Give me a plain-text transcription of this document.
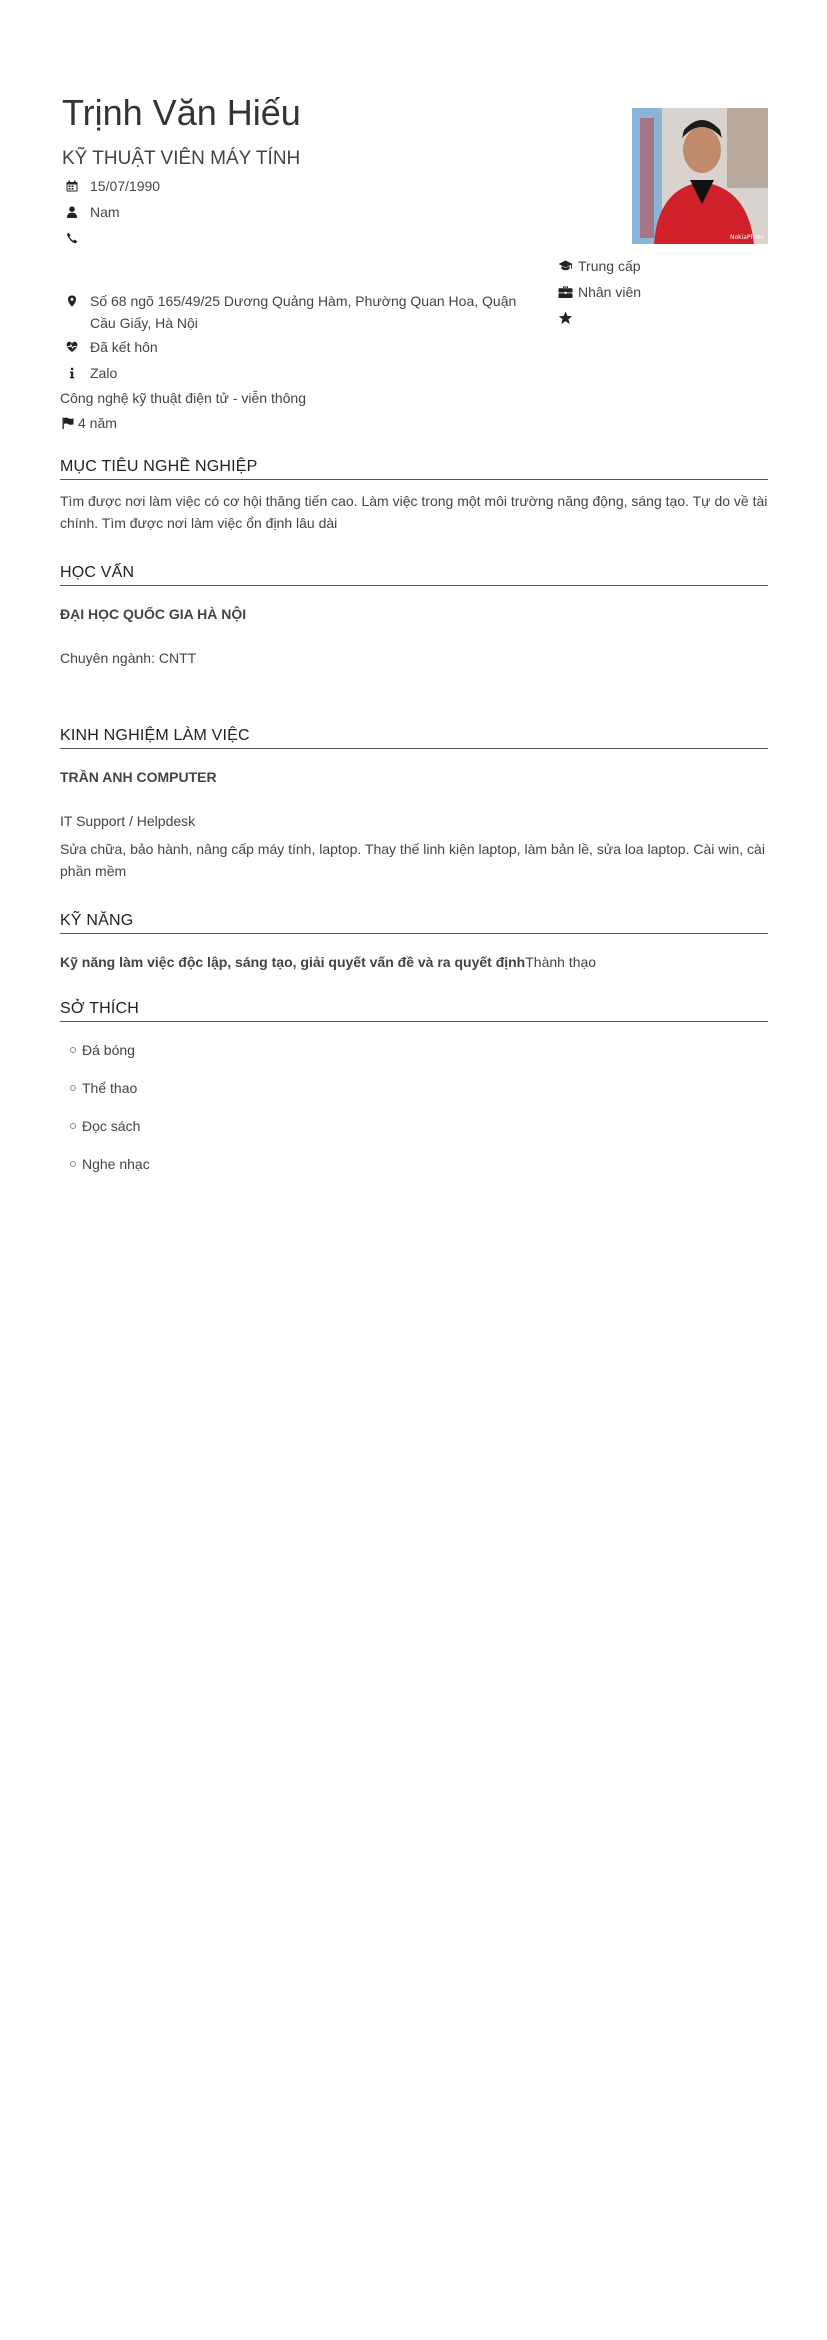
Trịnh Văn Hiếu
KỸ THUẬT VIÊN MÁY TÍNH
NokiaPhoto
15/07/1990
Nam
Số 68 ngõ 165/49/25 Dương Quảng Hàm, Phường Quan Hoa, Quận Cầu Giấy, Hà Nội
Đã kết hôn
Zalo
Công nghệ kỹ thuật điện tử - viễn thông
4 năm
Trung cấp
Nhân viên
MỤC TIÊU NGHỀ NGHIỆP
Tìm được nơi làm việc có cơ hội thăng tiến cao. Làm việc trong một môi trường năng động, sáng tạo. Tự do về tài chính. Tìm được nơi làm việc ổn định lâu dài
HỌC VẤN
ĐẠI HỌC QUỐC GIA HÀ NỘI
Chuyên ngành: CNTT
KINH NGHIỆM LÀM VIỆC
TRẦN ANH COMPUTER
IT Support / Helpdesk
Sửa chữa, bảo hành, nâng cấp máy tính, laptop. Thay thế linh kiện laptop, làm bản lề, sửa loa laptop. Cài win, cài phần mềm
KỸ NĂNG
Kỹ năng làm việc độc lập, sáng tạo, giải quyết vấn đề và ra quyết địnhThành thạo
SỞ THÍCH
Đá bóng
Thể thao
Đọc sách
Nghe nhạc
